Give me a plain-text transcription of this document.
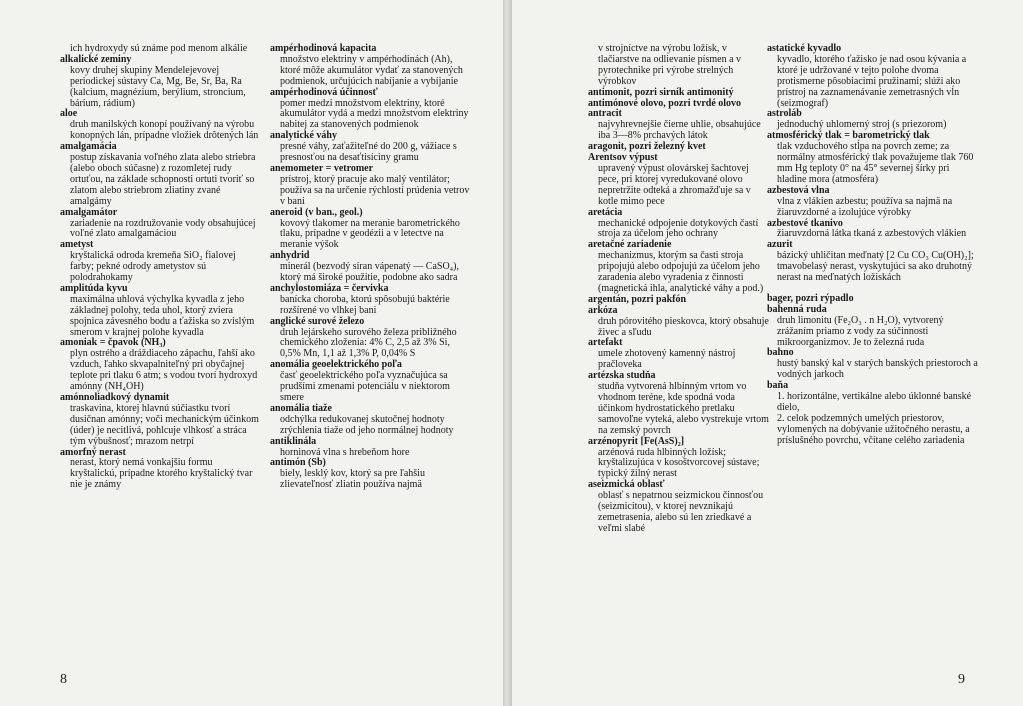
ich hydroxydy sú známe pod menom alkálie
alkalické zeminy
kovy druhej skupiny Mendelejevovej periodickej sústavy Ca, Mg, Be, Sr, Ba, Ra (kalcium, magnézium, berýlium, stroncium, bárium, rádium)
aloe
druh manilských konopí používaný na výrobu konopných lán, prípadne vložiek drôtených lán
amalgamácia
postup získavania voľného zlata alebo striebra (alebo oboch súčasne) z rozomletej rudy ortuťou, na základe schopnosti ortuti tvoriť so zlatom alebo striebrom zliatiny zvané amalgámy
amalgamátor
zariadenie na rozdružovanie vody obsahujúcej voľné zlato amalgamáciou
ametyst
kryštalická odroda kremeňa SiO₂ fialovej farby; pekné odrody ametystov sú polodrahokamy
amplitúda kyvu
maximálna uhlová výchylka kyvadla z jeho základnej polohy, teda uhol, ktorý zviera spojnica závesného bodu a ťažiska so zvislým smerom v krajnej polohe kyvadla
amoniak = čpavok (NH₃)
plyn ostrého a dráždiaceho zápachu, ľahší ako vzduch, ľahko skvapalniteľný pri obyčajnej teplote pri tlaku 6 atm; s vodou tvorí hydroxyd amónny (NH₄OH)
amónnoliadkový dynamit
traskavina, ktorej hlavnú súčiastku tvorí dusičnan amónny; voči mechanickým účinkom (úder) je necitlivá, pohlcuje vlhkosť a stráca tým výbušnosť; mrazom netrpí
amorfný nerast
nerast, ktorý nemá vonkajšiu formu kryštalickú, prípadne ktorého kryštalický tvar nie je známy
ampérhodinová kapacita
množstvo elektriny v ampérhodinách (Ah), ktoré môže akumulátor vydať za stanovených podmienok, určujúcich nabíjanie a vybíjanie
ampérhodinová účinnosť
pomer medzi množstvom elektriny, ktoré akumulátor vydá a medzi množstvom elektriny nabitej za stanovených podmienok
analytické váhy
presné váhy, zaťažiteľné do 200 g, vážiace s presnosťou na desaťtisíciny gramu
anemometer = vetromer
prístroj, ktorý pracuje ako malý ventilátor; používa sa na určenie rýchlostí prúdenia vetrov v bani
aneroid (v ban., geol.)
kovový tlakomer na meranie barometrického tlaku, prípadne v geodézii a v letectve na meranie výšok
anhydrid
minerál (bezvodý síran vápenatý — CaSO₄), ktorý má široké použitie, podobne ako sadra
anchylostomiáza = červivka
banícka choroba, ktorú spôsobujú baktérie rozšírené vo vlhkej bani
anglické surové železo
druh lejárskeho surového železa približného chemického zloženia: 4% C, 2,5 až 3% Si, 0,5% Mn, 1,1 až 1,3% P, 0,04% S
anomália geoelektrického poľa
časť geoelektrického poľa vyznačujúca sa prudšími zmenami potenciálu v niektorom smere
anomália tiaže
odchýlka redukovanej skutočnej hodnoty zrýchlenia tiaže od jeho normálnej hodnoty
antiklinála
horninová vlna s hrebeňom hore
antimón (Sb)
biely, lesklý kov, ktorý sa pre ľahšiu zlievateľnosť zliatin používa najmä
8
v strojníctve na výrobu ložísk, v tlačiarstve na odlievanie písmen a v pyrotechnike pri výrobe strelných výrobkov
antimonit, pozri sirník antimonitý
antimónové olovo, pozri tvrdé olovo
antracit
najvyhrevnejšie čierne uhlie, obsahujúce iba 3—8% prchavých látok
aragonit, pozri železný kvet
Arentsov výpust
upravený výpust olovárskej šachtovej pece, pri ktorej vyredukované olovo nepretržite odteká a zhromažďuje sa v kotle mimo pece
aretácia
mechanické odpojenie dotykových častí stroja za účelom jeho ochrany
aretačné zariadenie
mechanizmus, ktorým sa časti stroja pripojujú alebo odpojujú za účelom jeho zaradenia alebo vyradenia z činnosti (magnetická ihla, analytické váhy a pod.)
argentán, pozri pakfón
arkóza
druh pórovitého pieskovca, ktorý obsahuje živec a sľudu
artefakt
umele zhotovený kamenný nástroj pračloveka
artézska studňa
studňa vytvorená hlbinným vrtom vo vhodnom teréne, kde spodná voda účinkom hydrostatického pretlaku samovoľne vyteká, alebo vystrekuje vrtom na zemský povrch
arzénopyrit [Fe(AsS)₂]
arzénová ruda hlbinných ložísk; kryštalizujúca v kosoštvorcovej sústave; typický žilný nerast
aseizmická oblasť
oblasť s nepatrnou seizmickou činnosťou (seizmicitou), v ktorej nevznikajú zemetrasenia, alebo sú len zriedkavé a veľmi slabé
astatické kyvadlo
kyvadlo, ktorého ťažisko je nad osou kývania a ktoré je udržované v tejto polohe dvoma protismerne pôsobiacimi pružinami; slúži ako prístroj na zaznamenávanie zemetrasných vĺn (seizmograf)
astroláb
jednoduchý uhlomerný stroj (s priezorom)
atmosférický tlak = barometrický tlak
tlak vzduchového stĺpa na povrch zeme; za normálny atmosférický tlak považujeme tlak 760 mm Hg teploty 0° na 45° severnej šírky pri hladine mora (atmosféra)
azbestová vlna
vlna z vlákien azbestu; používa sa najmä na žiaruvzdorné a izolujúce výrobky
azbestové tkanivo
žiaruvzdorná látka tkaná z azbestových vlákien
azurit
bázický uhličitan meďnatý [2 Cu CO₃ Cu(OH)₂]; tmavobelasý nerast, vyskytujúci sa ako druhotný nerast na meďnatých ložiskách
bager, pozri rýpadlo
bahenná ruda
druh limonitu (Fe₂O₃ . n H₂O), vytvorený zrážaním priamo z vody za súčinnosti mikroorganizmov. Je to železná ruda
bahno
hustý banský kal v starých banských priestoroch a vodných jarkoch
baňa
1. horizontálne, vertikálne alebo úklonné banské dielo,
2. celok podzemných umelých priestorov, vylomených na dobývanie užitočného nerastu, a príslušného povrchu, včítane celého zariadenia
9
